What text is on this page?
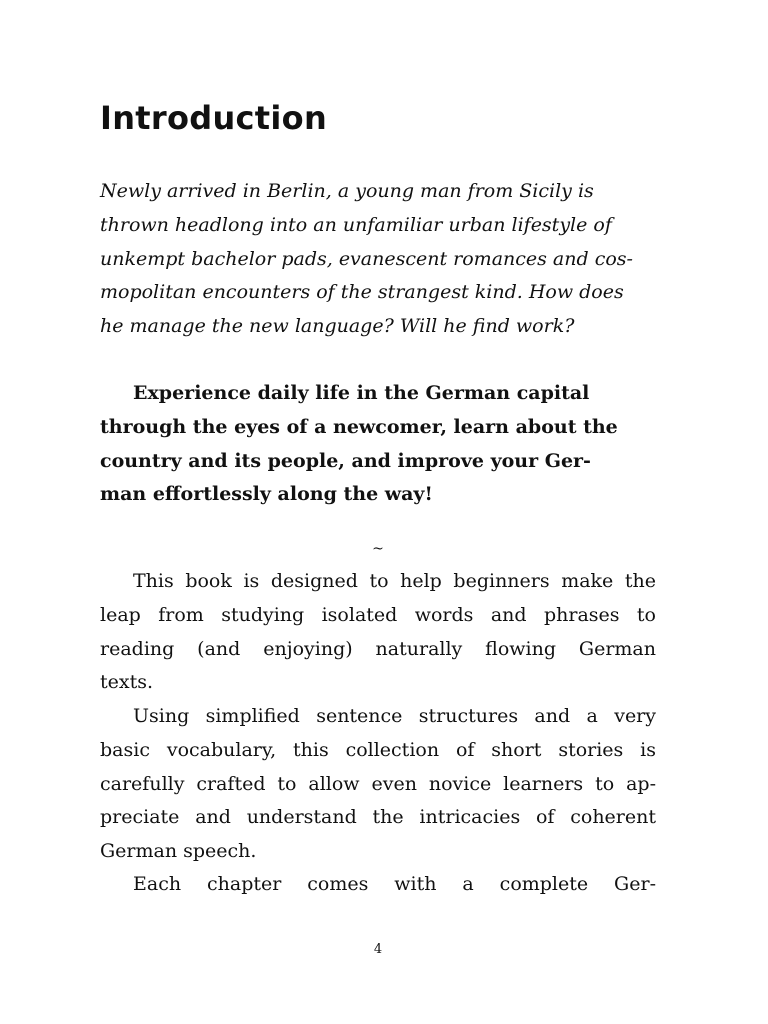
Introduction
Newly arrived in Berlin, a young man from Sicily is
thrown headlong into an unfamiliar urban lifestyle of
unkempt bachelor pads, evanescent romances and cos-
mopolitan encounters of the strangest kind. How does
he manage the new language? Will he find work?
Experience daily life in the German capital
through the eyes of a newcomer, learn about the
country and its people, and improve your Ger-
man effortlessly along the way!
~
This book is designed to help beginners make the
leap from studying isolated words and phrases to
reading (and enjoying) naturally flowing German
texts.
Using simplified sentence structures and a very
basic vocabulary, this collection of short stories is
carefully crafted to allow even novice learners to ap-
preciate and understand the intricacies of coherent
German speech.
Each chapter comes with a complete Ger-
4
